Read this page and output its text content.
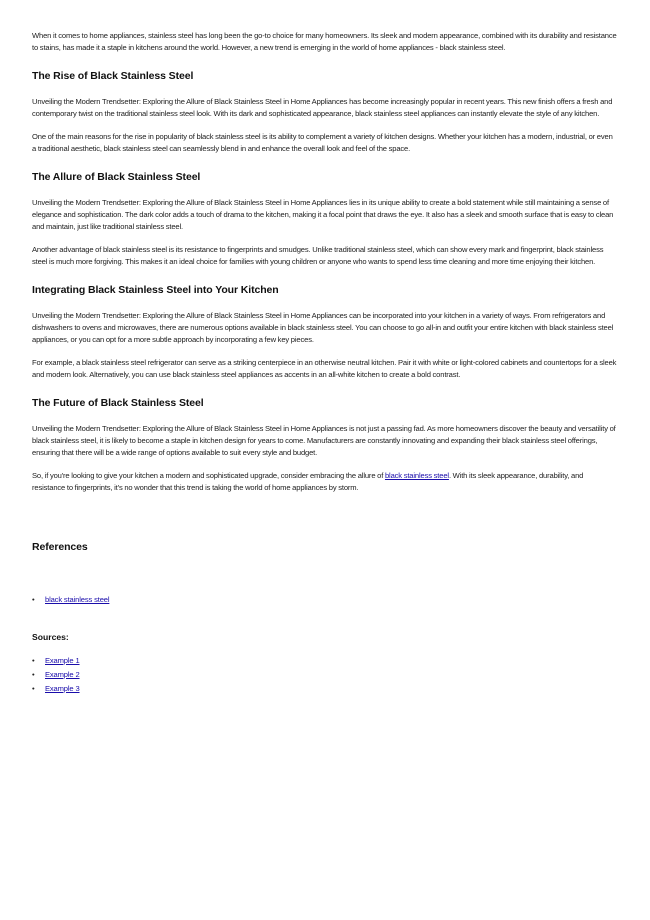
When it comes to home appliances, stainless steel has long been the go-to choice for many homeowners. Its sleek and modern appearance, combined with its durability and resistance to stains, has made it a staple in kitchens around the world. However, a new trend is emerging in the world of home appliances - black stainless steel.

The Rise of Black Stainless Steel

Unveiling the Modern Trendsetter: Exploring the Allure of Black Stainless Steel in Home Appliances has become increasingly popular in recent years. This new finish offers a fresh and contemporary twist on the traditional stainless steel look. With its dark and sophisticated appearance, black stainless steel appliances can instantly elevate the style of any kitchen.

One of the main reasons for the rise in popularity of black stainless steel is its ability to complement a variety of kitchen designs. Whether your kitchen has a modern, industrial, or even a traditional aesthetic, black stainless steel can seamlessly blend in and enhance the overall look and feel of the space.

The Allure of Black Stainless Steel

Unveiling the Modern Trendsetter: Exploring the Allure of Black Stainless Steel in Home Appliances lies in its unique ability to create a bold statement while still maintaining a sense of elegance and sophistication. The dark color adds a touch of drama to the kitchen, making it a focal point that draws the eye. It also has a sleek and smooth surface that is easy to clean and maintain, just like traditional stainless steel.

Another advantage of black stainless steel is its resistance to fingerprints and smudges. Unlike traditional stainless steel, which can show every mark and fingerprint, black stainless steel is much more forgiving. This makes it an ideal choice for families with young children or anyone who wants to spend less time cleaning and more time enjoying their kitchen.

Integrating Black Stainless Steel into Your Kitchen

Unveiling the Modern Trendsetter: Exploring the Allure of Black Stainless Steel in Home Appliances can be incorporated into your kitchen in a variety of ways. From refrigerators and dishwashers to ovens and microwaves, there are numerous options available in black stainless steel. You can choose to go all-in and outfit your entire kitchen with black stainless steel appliances, or you can opt for a more subtle approach by incorporating a few key pieces.

For example, a black stainless steel refrigerator can serve as a striking centerpiece in an otherwise neutral kitchen. Pair it with white or light-colored cabinets and countertops for a sleek and modern look. Alternatively, you can use black stainless steel appliances as accents in an all-white kitchen to create a bold contrast.

The Future of Black Stainless Steel

Unveiling the Modern Trendsetter: Exploring the Allure of Black Stainless Steel in Home Appliances is not just a passing fad. As more homeowners discover the beauty and versatility of black stainless steel, it is likely to become a staple in kitchen design for years to come. Manufacturers are constantly innovating and expanding their black stainless steel offerings, ensuring that there will be a wide range of options available to suit every style and budget.

So, if you're looking to give your kitchen a modern and sophisticated upgrade, consider embracing the allure of black stainless steel. With its sleek appearance, durability, and resistance to fingerprints, it's no wonder that this trend is taking the world of home appliances by storm.

References
• black stainless steel
Sources:
• Example 1
• Example 2
• Example 3
